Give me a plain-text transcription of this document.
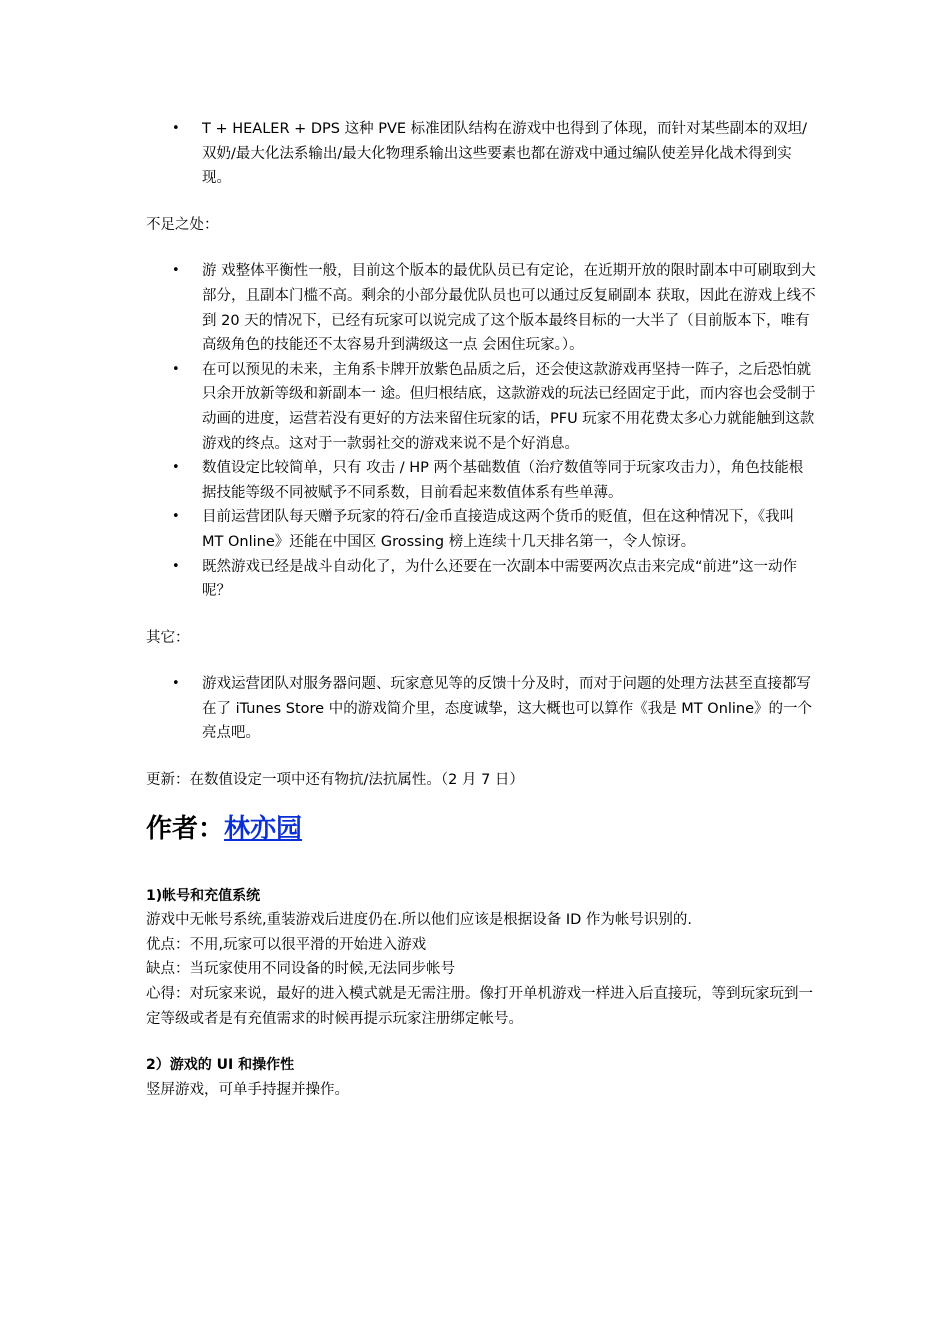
• T + HEALER + DPS 这种 PVE 标准团队结构在游戏中也得到了体现，而针对某些副本的双坦/双奶/最大化法系输出/最大化物理系输出这些要素也都在游戏中通过编队使差异化战术得到实现。

不足之处：

• 游 戏整体平衡性一般，目前这个版本的最优队员已有定论，在近期开放的限时副本中可刷取到大部分，且副本门槛不高。剩余的小部分最优队员也可以通过反复刷副本 获取，因此在游戏上线不到 20 天的情况下，已经有玩家可以说完成了这个版本最终目标的一大半了（目前版本下，唯有高级角色的技能还不太容易升到满级这一点 会困住玩家。）。
• 在可以预见的未来，主角系卡牌开放紫色品质之后，还会使这款游戏再坚持一阵子，之后恐怕就只余开放新等级和新副本一 途。但归根结底，这款游戏的玩法已经固定于此，而内容也会受制于动画的进度，运营若没有更好的方法来留住玩家的话，PFU 玩家不用花费太多心力就能触到这款游戏的终点。这对于一款弱社交的游戏来说不是个好消息。
• 数值设定比较简单，只有 攻击 / HP 两个基础数值（治疗数值等同于玩家攻击力），角色技能根据技能等级不同被赋予不同系数，目前看起来数值体系有些单薄。
• 目前运营团队每天赠予玩家的符石/金币直接造成这两个货币的贬值，但在这种情况下，《我叫 MT Online》还能在中国区 Grossing 榜上连续十几天排名第一，令人惊讶。
• 既然游戏已经是战斗自动化了，为什么还要在一次副本中需要两次点击来完成“前进”这一动作呢？

其它：

• 游戏运营团队对服务器问题、玩家意见等的反馈十分及时，而对于问题的处理方法甚至直接都写在了 iTunes Store 中的游戏简介里，态度诚挚，这大概也可以算作《我是 MT Online》的一个亮点吧。

更新：在数值设定一项中还有物抗/法抗属性。（2 月 7 日）

作者：林亦园

1)帐号和充值系统

游戏中无帐号系统,重装游戏后进度仍在.所以他们应该是根据设备 ID 作为帐号识别的.

优点：不用,玩家可以很平滑的开始进入游戏

缺点：当玩家使用不同设备的时候,无法同步帐号

心得：对玩家来说，最好的进入模式就是无需注册。像打开单机游戏一样进入后直接玩，等到玩家玩到一定等级或者是有充值需求的时候再提示玩家注册绑定帐号。

2）游戏的 UI 和操作性

竖屏游戏，可单手持握并操作。
